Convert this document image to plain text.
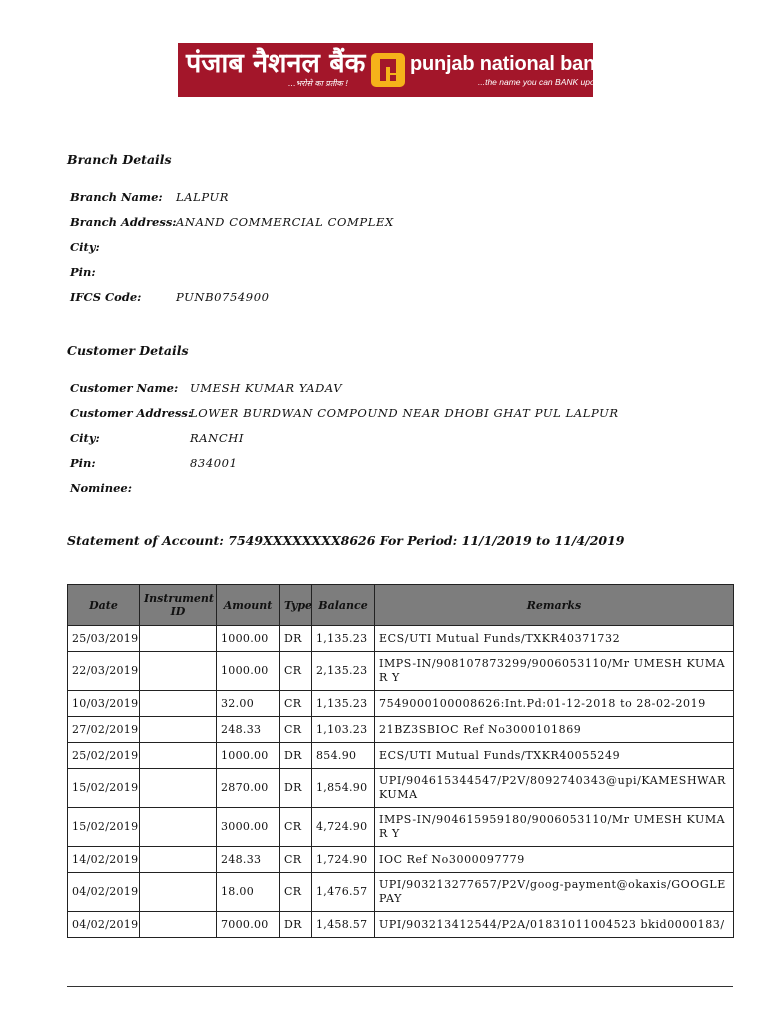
पंजाब नैशनल बैंक
...भरोसे का प्रतीक !
punjab national bank
...the name you can BANK upon !
Branch Details
Branch Name: LALPUR
Branch Address: ANAND COMMERCIAL COMPLEX
City:
Pin:
IFCS Code:	PUNB0754900
Customer Details
Customer Name: UMESH KUMAR YADAV
Customer Address:
LOWER BURDWAN COMPOUND NEAR DHOBI GHAT PUL LALPUR
City:	RANCHI
Pin:	834001
Nominee:
Statement of Account: 7549XXXXXXXX8626 For Period: 11/1/2019 to 11/4/2019
Date	Instrument ID	Amount	Type	Balance	Remarks
25/03/2019		1000.00	DR	1,135.23	ECS/UTI Mutual Funds/TXKR40371732
22/03/2019		1000.00	CR	2,135.23	IMPS-IN/908107873299/9006053110/Mr UMESH KUMAR Y
10/03/2019		32.00	CR	1,135.23	7549000100008626:Int.Pd:01-12-2018 to 28-02-2019
27/02/2019		248.33	CR	1,103.23	21BZ3SBIOC Ref No3000101869
25/02/2019		1000.00	DR	854.90	ECS/UTI Mutual Funds/TXKR40055249
15/02/2019		2870.00	DR	1,854.90	UPI/904615344547/P2V/8092740343@upi/KAMESHWAR KUMA
15/02/2019		3000.00	CR	4,724.90	IMPS-IN/904615959180/9006053110/Mr UMESH KUMAR Y
14/02/2019		248.33	CR	1,724.90	IOC Ref No3000097779
04/02/2019		18.00	CR	1,476.57	UPI/903213277657/P2V/goog-payment@okaxis/GOOGLEPAY
04/02/2019		7000.00	DR	1,458.57	UPI/903213412544/P2A/01831011004523 bkid0000183/
